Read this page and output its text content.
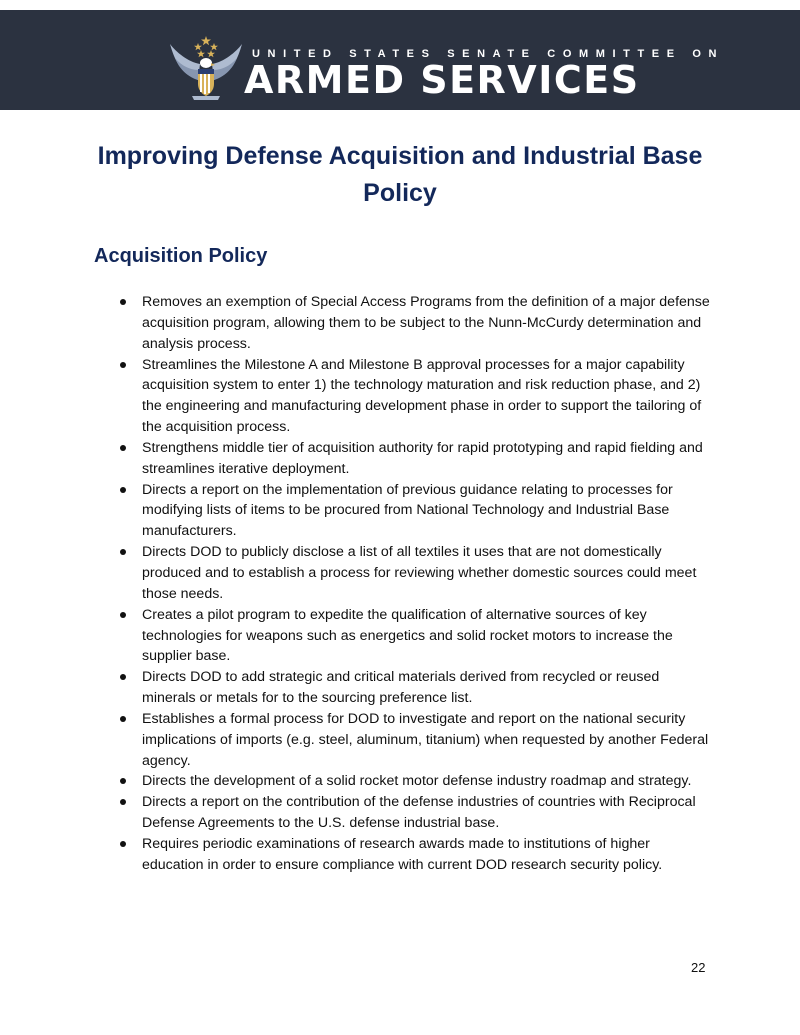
UNITED STATES SENATE COMMITTEE ON
ARMED SERVICES
Improving Defense Acquisition and Industrial Base Policy
Acquisition Policy
Removes an exemption of Special Access Programs from the definition of a major defense acquisition program, allowing them to be subject to the Nunn-McCurdy determination and analysis process.
Streamlines the Milestone A and Milestone B approval processes for a major capability acquisition system to enter 1) the technology maturation and risk reduction phase, and 2) the engineering and manufacturing development phase in order to support the tailoring of the acquisition process.
Strengthens middle tier of acquisition authority for rapid prototyping and rapid fielding and streamlines iterative deployment.
Directs a report on the implementation of previous guidance relating to processes for modifying lists of items to be procured from National Technology and Industrial Base manufacturers.
Directs DOD to publicly disclose a list of all textiles it uses that are not domestically produced and to establish a process for reviewing whether domestic sources could meet those needs.
Creates a pilot program to expedite the qualification of alternative sources of key technologies for weapons such as energetics and solid rocket motors to increase the supplier base.
Directs DOD to add strategic and critical materials derived from recycled or reused minerals or metals for to the sourcing preference list.
Establishes a formal process for DOD to investigate and report on the national security implications of imports (e.g. steel, aluminum, titanium) when requested by another Federal agency.
Directs the development of a solid rocket motor defense industry roadmap and strategy.
Directs a report on the contribution of the defense industries of countries with Reciprocal Defense Agreements to the U.S. defense industrial base.
Requires periodic examinations of research awards made to institutions of higher education in order to ensure compliance with current DOD research security policy.
22
